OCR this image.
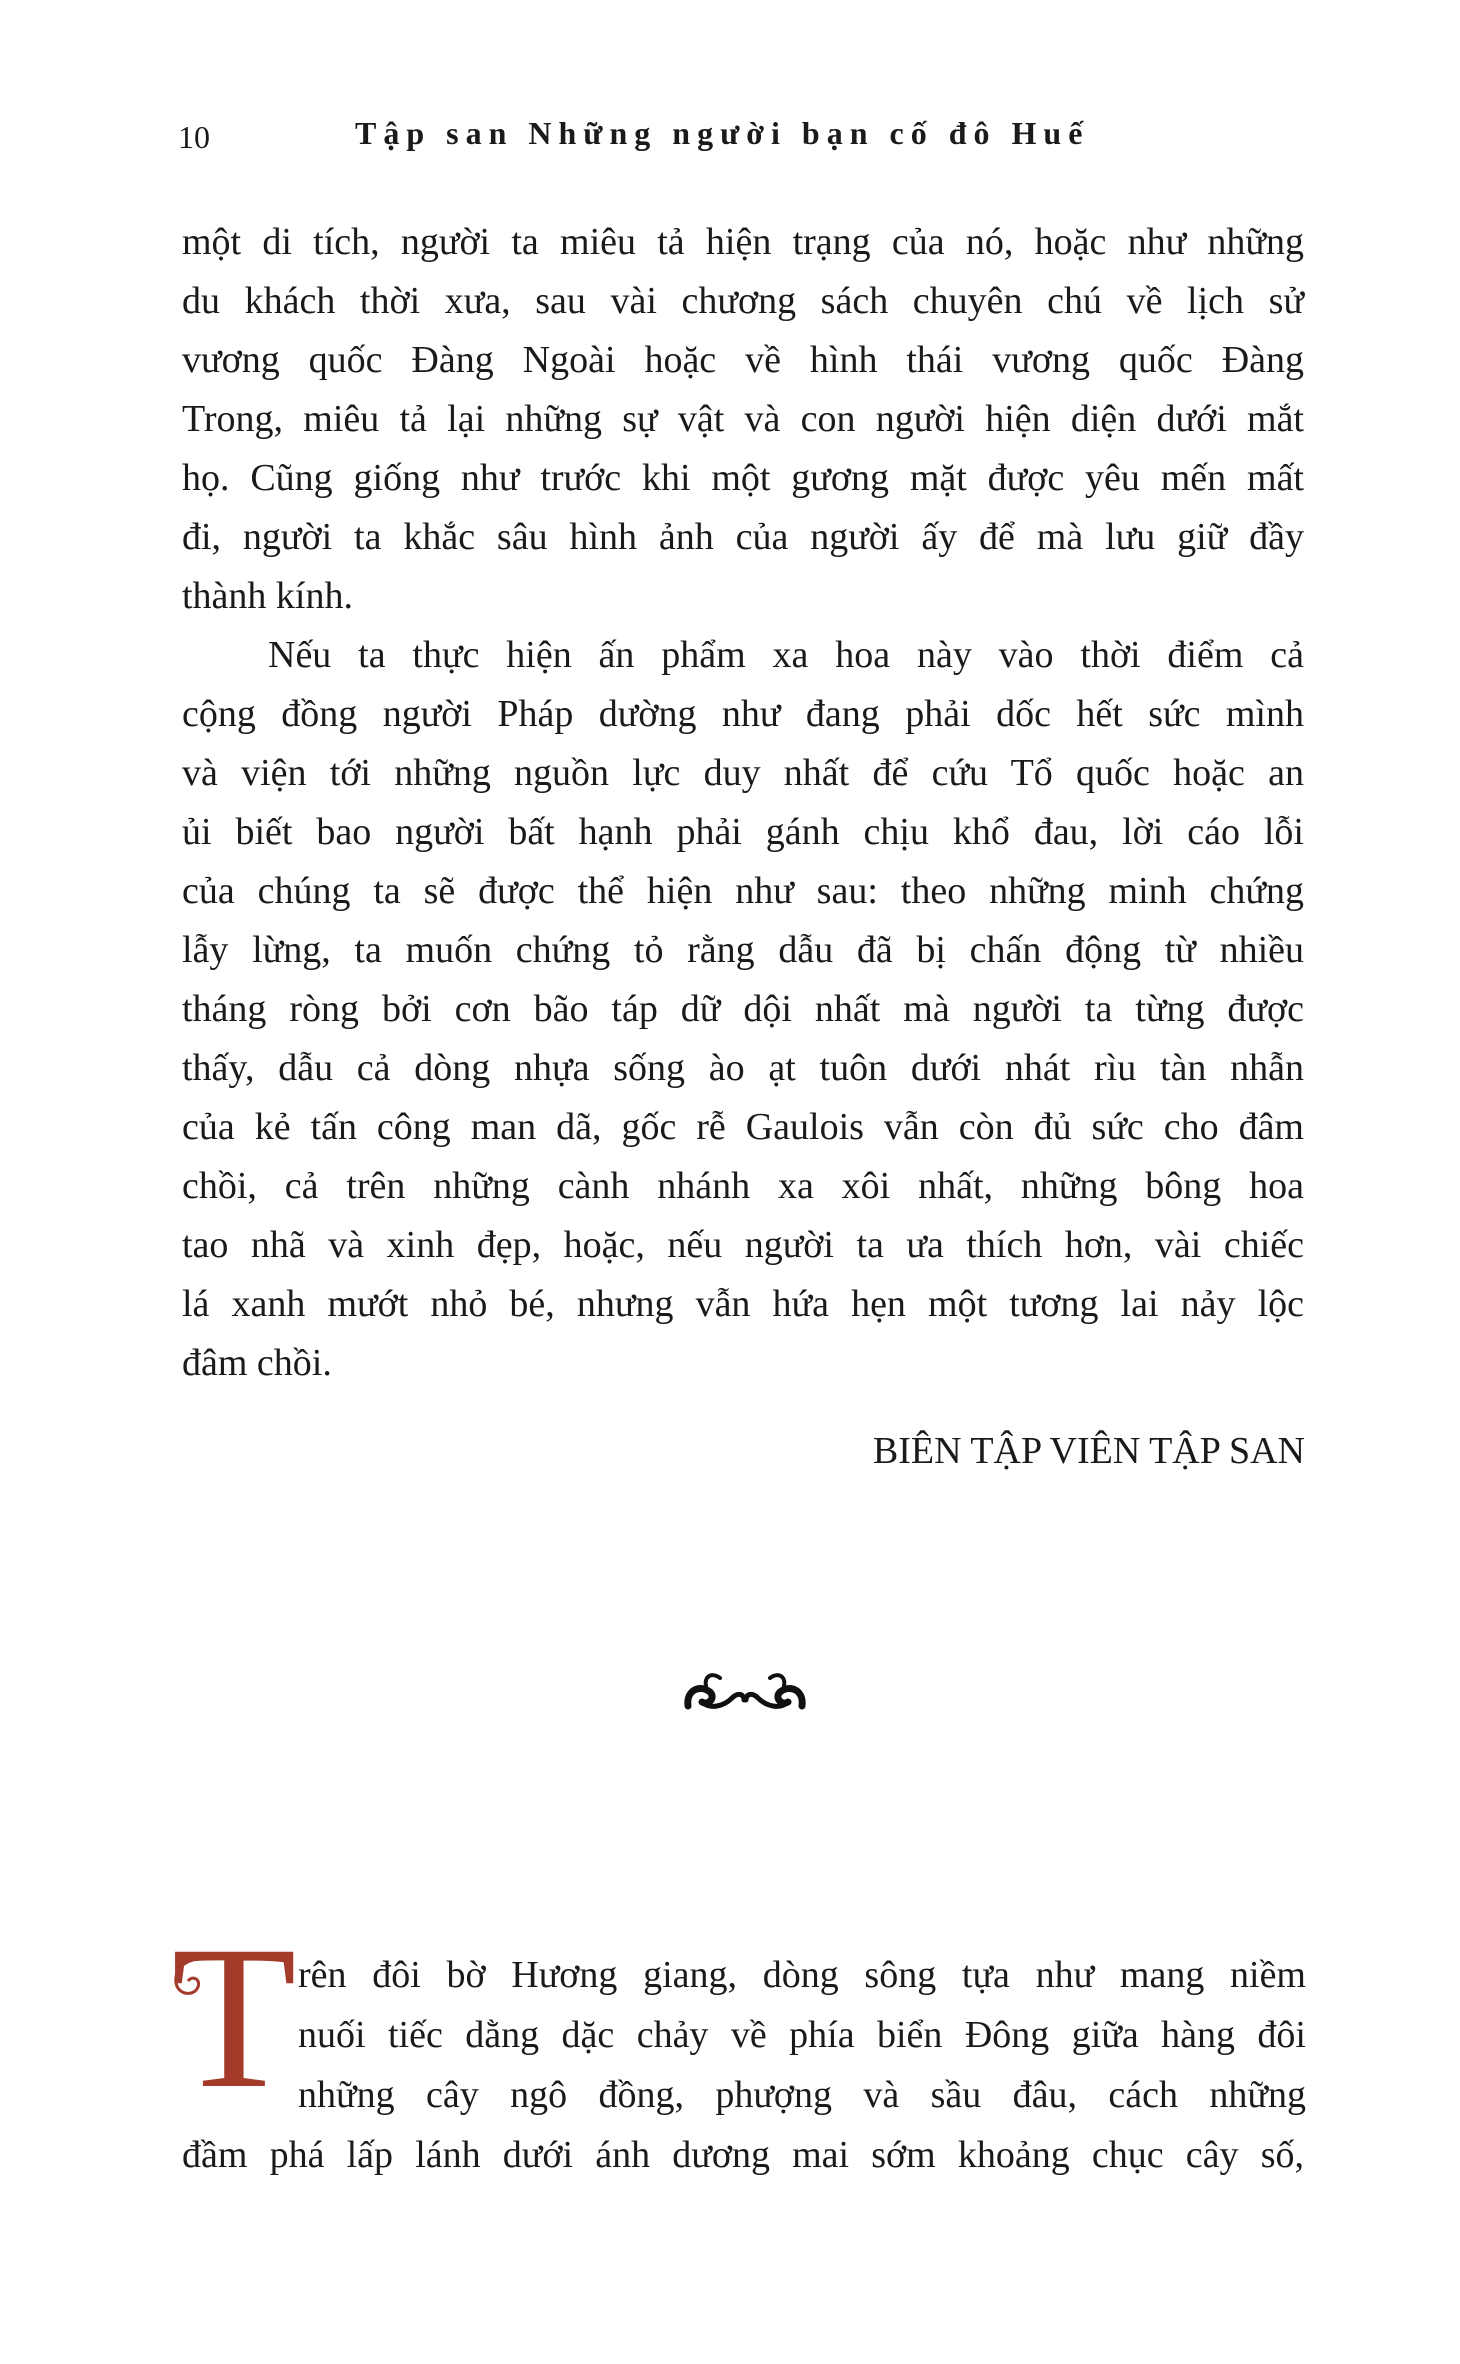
10	Tập san Những người bạn cố đô Huế
một di tích, người ta miêu tả hiện trạng của nó, hoặc như những
du khách thời xưa, sau vài chương sách chuyên chú về lịch sử
vương quốc Đàng Ngoài hoặc về hình thái vương quốc Đàng
Trong, miêu tả lại những sự vật và con người hiện diện dưới mắt
họ. Cũng giống như trước khi một gương mặt được yêu mến mất
đi, người ta khắc sâu hình ảnh của người ấy để mà lưu giữ đầy
thành kính.
Nếu ta thực hiện ấn phẩm xa hoa này vào thời điểm cả
cộng đồng người Pháp dường như đang phải dốc hết sức mình
và viện tới những nguồn lực duy nhất để cứu Tổ quốc hoặc an
ủi biết bao người bất hạnh phải gánh chịu khổ đau, lời cáo lỗi
của chúng ta sẽ được thể hiện như sau: theo những minh chứng
lẫy lừng, ta muốn chứng tỏ rằng dẫu đã bị chấn động từ nhiều
tháng ròng bởi cơn bão táp dữ dội nhất mà người ta từng được
thấy, dẫu cả dòng nhựa sống ào ạt tuôn dưới nhát rìu tàn nhẫn
của kẻ tấn công man dã, gốc rễ Gaulois vẫn còn đủ sức cho đâm
chồi, cả trên những cành nhánh xa xôi nhất, những bông hoa
tao nhã và xinh đẹp, hoặc, nếu người ta ưa thích hơn, vài chiếc
lá xanh mướt nhỏ bé, nhưng vẫn hứa hẹn một tương lai nảy lộc
đâm chồi.
BIÊN TẬP VIÊN TẬP SAN
T rên đôi bờ Hương giang, dòng sông tựa như mang niềm
nuối tiếc dằng dặc chảy về phía biển Đông giữa hàng đôi
những cây ngô đồng, phượng và sầu đâu, cách những
đầm phá lấp lánh dưới ánh dương mai sớm khoảng chục cây số,
